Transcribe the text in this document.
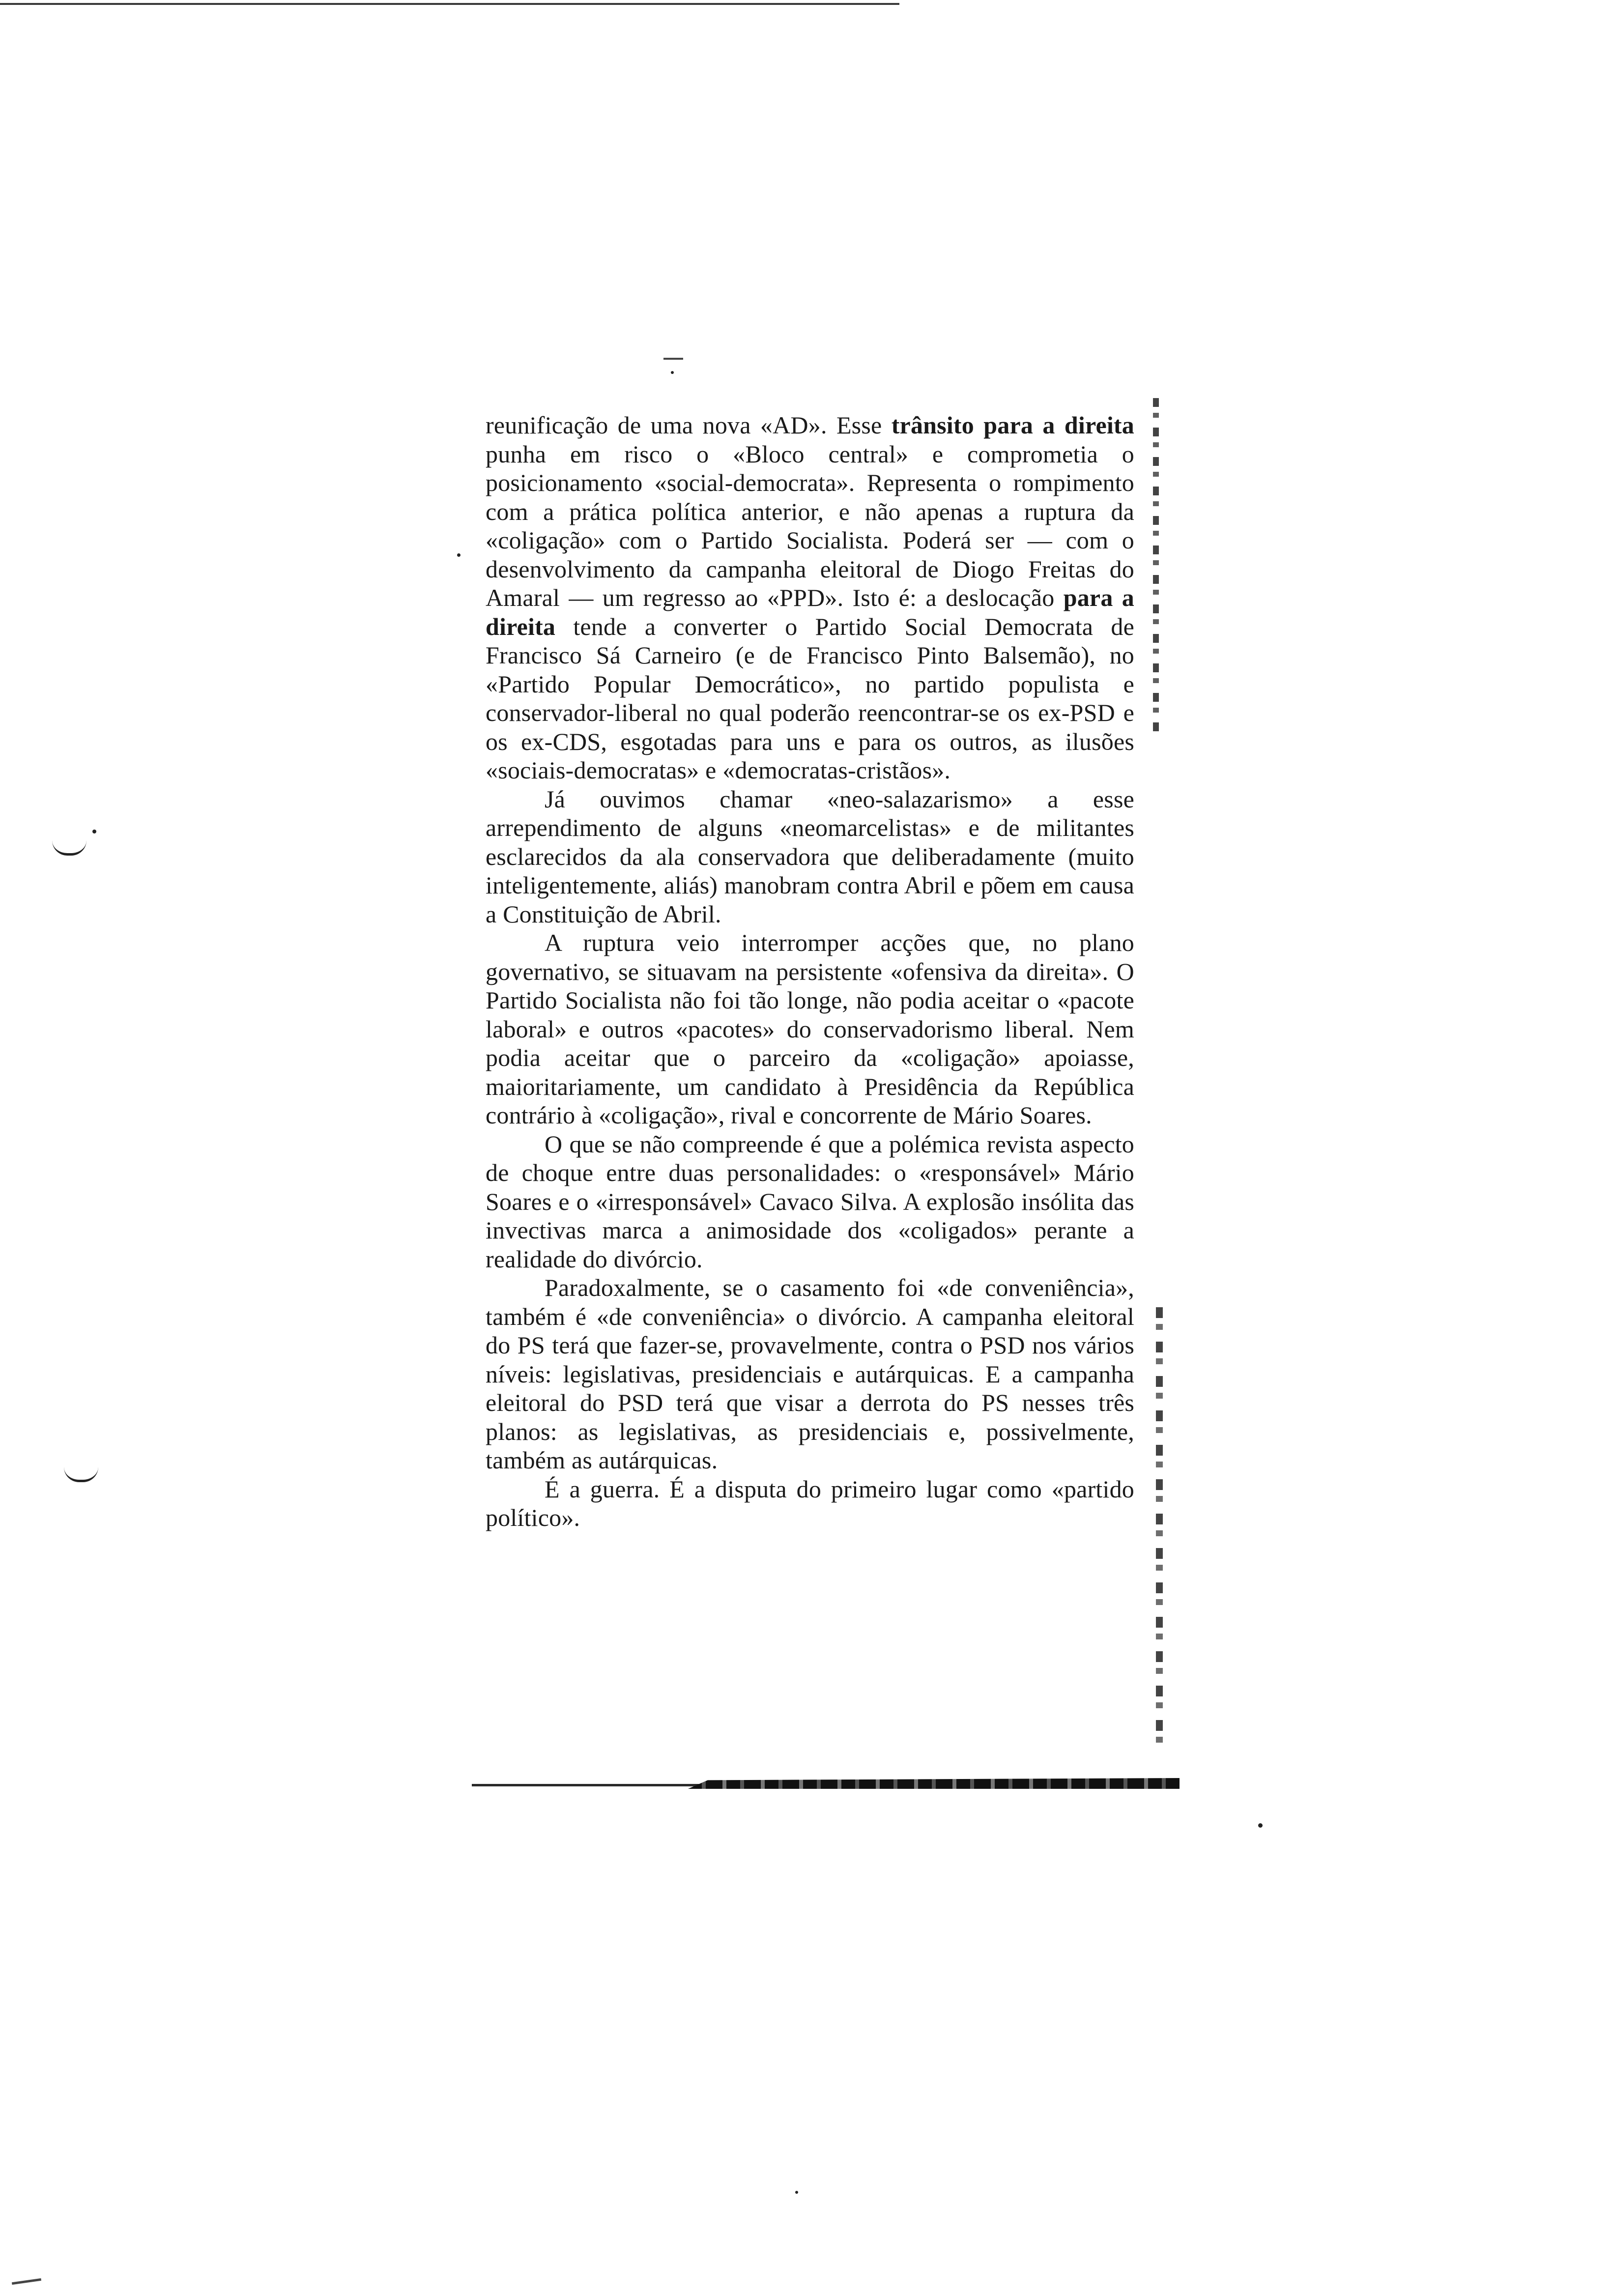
reunificação de uma nova «AD». Esse trânsito para a direita punha em risco o «Bloco central» e comprometia o posicionamento «social-democrata». Representa o rompimento com a prática política anterior, e não apenas a ruptura da «coligação» com o Partido Socialista. Poderá ser — com o desenvolvimento da campanha eleitoral de Diogo Freitas do Amaral — um regresso ao «PPD». Isto é: a deslocação para a direita tende a converter o Partido Social Democrata de Francisco Sá Carneiro (e de Francisco Pinto Balsemão), no «Partido Popular Democrático», no partido populista e conservador-liberal no qual poderão reencontrar-se os ex-PSD e os ex-CDS, esgotadas para uns e para os outros, as ilusões «sociais-democratas» e «democratas-cristãos».

Já ouvimos chamar «neo-salazarismo» a esse arrependimento de alguns «neomarcelistas» e de militantes esclarecidos da ala conservadora que deliberadamente (muito inteligentemente, aliás) manobram contra Abril e põem em causa a Constituição de Abril.

A ruptura veio interromper acções que, no plano governativo, se situavam na persistente «ofensiva da direita». O Partido Socialista não foi tão longe, não podia aceitar o «pacote laboral» e outros «pacotes» do conservadorismo liberal. Nem podia aceitar que o parceiro da «coligação» apoiasse, maioritariamente, um candidato à Presidência da República contrário à «coligação», rival e concorrente de Mário Soares.

O que se não compreende é que a polémica revista aspecto de choque entre duas personalidades: o «responsável» Mário Soares e o «irresponsável» Cavaco Silva. A explosão insólita das invectivas marca a animosidade dos «coligados» perante a realidade do divórcio.

Paradoxalmente, se o casamento foi «de conveniência», também é «de conveniência» o divórcio. A campanha eleitoral do PS terá que fazer-se, provavelmente, contra o PSD nos vários níveis: legislativas, presidenciais e autárquicas. E a campanha eleitoral do PSD terá que visar a derrota do PS nesses três planos: as legislativas, as presidenciais e, possivelmente, também as autárquicas.

É a guerra. É a disputa do primeiro lugar como «partido político».
